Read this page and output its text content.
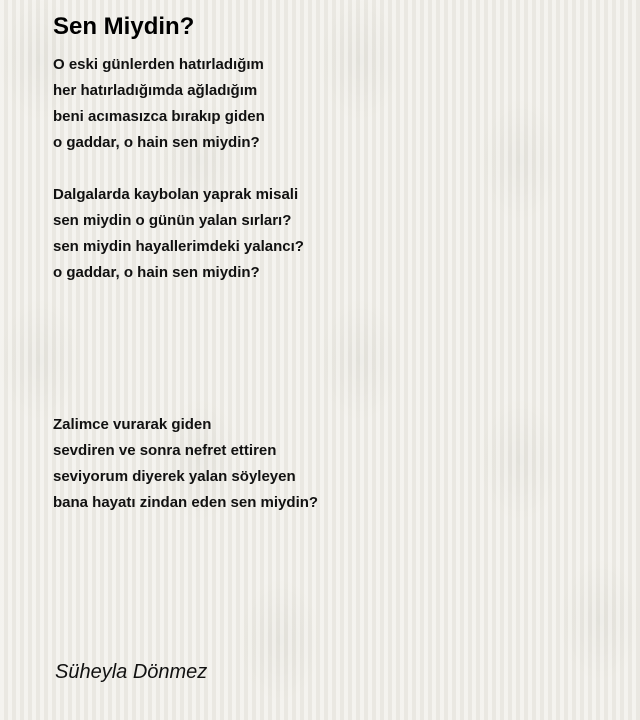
Sen Miydin?
O eski günlerden hatırladığım
her hatırladığımda ağladığım
beni acımasızca bırakıp giden
o gaddar, o hain sen miydin?
Dalgalarda kaybolan yaprak misali
sen miydin o günün yalan sırları?
sen miydin hayallerimdeki yalancı?
o gaddar, o hain sen miydin?
Zalimce vurarak giden
sevdiren ve sonra nefret ettiren
seviyorum diyerek yalan söyleyen
bana hayatı zindan eden sen miydin?

Süheyla Dönmez
